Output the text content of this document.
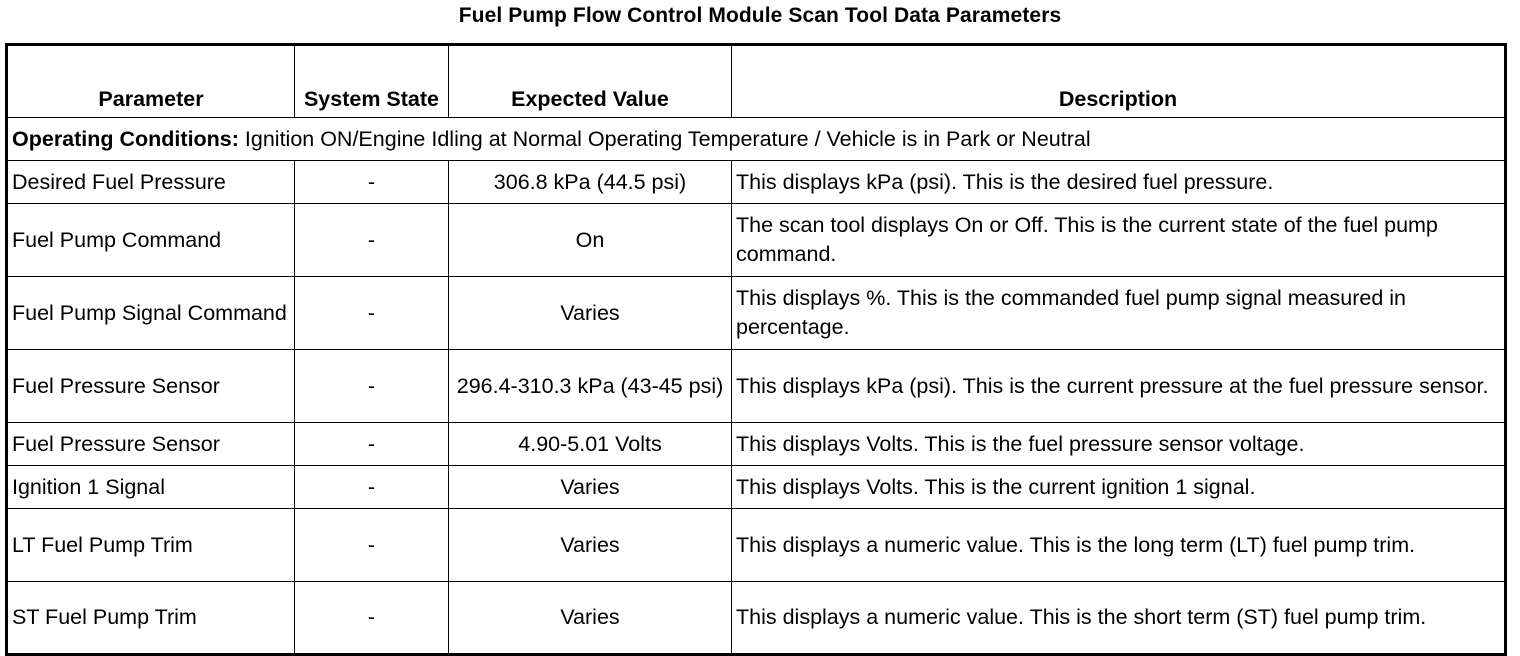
Fuel Pump Flow Control Module Scan Tool Data Parameters
Parameter	System State	Expected Value	Description
Operating Conditions: Ignition ON/Engine Idling at Normal Operating Temperature / Vehicle is in Park or Neutral			
Desired Fuel Pressure	-	306.8 kPa (44.5 psi)	This displays kPa (psi). This is the desired fuel pressure.
Fuel Pump Command	-	On	The scan tool displays On or Off. This is the current state of the fuel pump command.
Fuel Pump Signal Command	-	Varies	This displays %. This is the commanded fuel pump signal measured in percentage.
Fuel Pressure Sensor	-	296.4-310.3 kPa (43-45 psi)	This displays kPa (psi). This is the current pressure at the fuel pressure sensor.
Fuel Pressure Sensor	-	4.90-5.01 Volts	This displays Volts. This is the fuel pressure sensor voltage.
Ignition 1 Signal	-	Varies	This displays Volts. This is the current ignition 1 signal.
LT Fuel Pump Trim	-	Varies	This displays a numeric value. This is the long term (LT) fuel pump trim.
ST Fuel Pump Trim	-	Varies	This displays a numeric value. This is the short term (ST) fuel pump trim.
